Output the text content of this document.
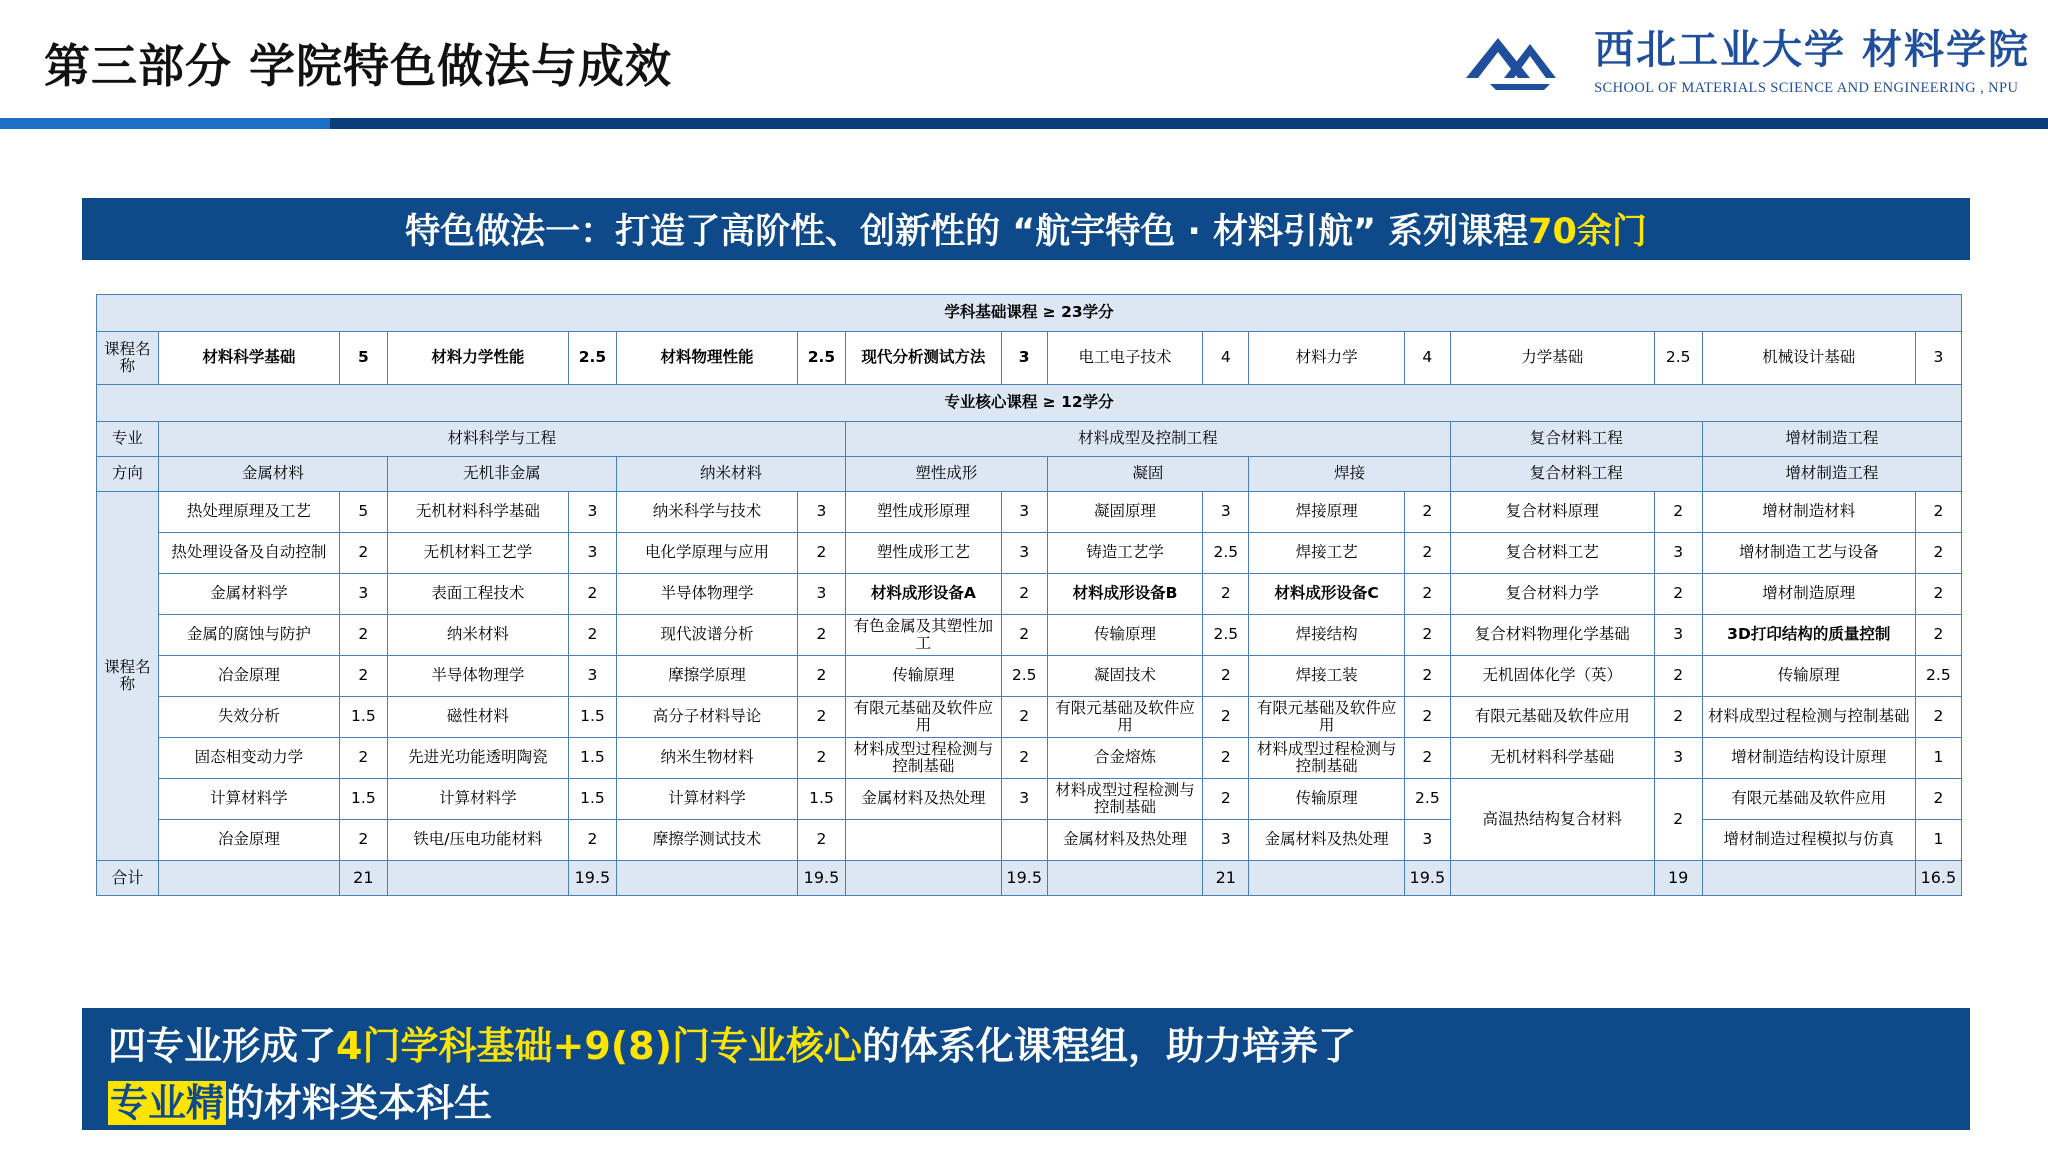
第三部分 学院特色做法与成效	西北工业大学 材料学院
SCHOOL OF MATERIALS SCIENCE AND ENGINEERING , NPU
特色做法一：打造了高阶性、创新性的 “航宇特色 · 材料引航” 系列课程70余门
学科基础课程 ≥ 23学分																
课程名称	材料科学基础	5	材料力学性能	2.5	材料物理性能	2.5	现代分析测试方法	3	电工电子技术	4	材料力学	4	力学基础	2.5	机械设计基础	3
专业核心课程 ≥ 12学分																
专业	材料科学与工程						材料成型及控制工程						复合材料工程		增材制造工程	
方向	金属材料		无机非金属		纳米材料		塑性成形		凝固		焊接		复合材料工程		增材制造工程	
课程名称	热处理原理及工艺	5	无机材料科学基础	3	纳米科学与技术	3	塑性成形原理	3	凝固原理	3	焊接原理	2	复合材料原理	2	增材制造材料	2
	热处理设备及自动控制	2	无机材料工艺学	3	电化学原理与应用	2	塑性成形工艺	3	铸造工艺学	2.5	焊接工艺	2	复合材料工艺	3	增材制造工艺与设备	2
	金属材料学	3	表面工程技术	2	半导体物理学	3	材料成形设备A	2	材料成形设备B	2	材料成形设备C	2	复合材料力学	2	增材制造原理	2
	金属的腐蚀与防护	2	纳米材料	2	现代波谱分析	2	有色金属及其塑性加工	2	传输原理	2.5	焊接结构	2	复合材料物理化学基础	3	3D打印结构的质量控制	2
	冶金原理	2	半导体物理学	3	摩擦学原理	2	传输原理	2.5	凝固技术	2	焊接工装	2	无机固体化学（英）	2	传输原理	2.5
	失效分析	1.5	磁性材料	1.5	高分子材料导论	2	有限元基础及软件应用	2	有限元基础及软件应用	2	有限元基础及软件应用	2	有限元基础及软件应用	2	材料成型过程检测与控制基础	2
	固态相变动力学	2	先进光功能透明陶瓷	1.5	纳米生物材料	2	材料成型过程检测与控制基础	2	合金熔炼	2	材料成型过程检测与控制基础	2	无机材料科学基础	3	增材制造结构设计原理	1
	计算材料学	1.5	计算材料学	1.5	计算材料学	1.5	金属材料及热处理	3	材料成型过程检测与控制基础	2	传输原理	2.5	高温热结构复合材料	2	有限元基础及软件应用	2
	冶金原理	2	铁电/压电功能材料	2	摩擦学测试技术	2			金属材料及热处理	3	金属材料及热处理	3			增材制造过程模拟与仿真	1
合计		21		19.5		19.5		19.5		21		19.5		19		16.5
四专业形成了4门学科基础+9(8)门专业核心的体系化课程组，助力培养了
专业精的材料类本科生
